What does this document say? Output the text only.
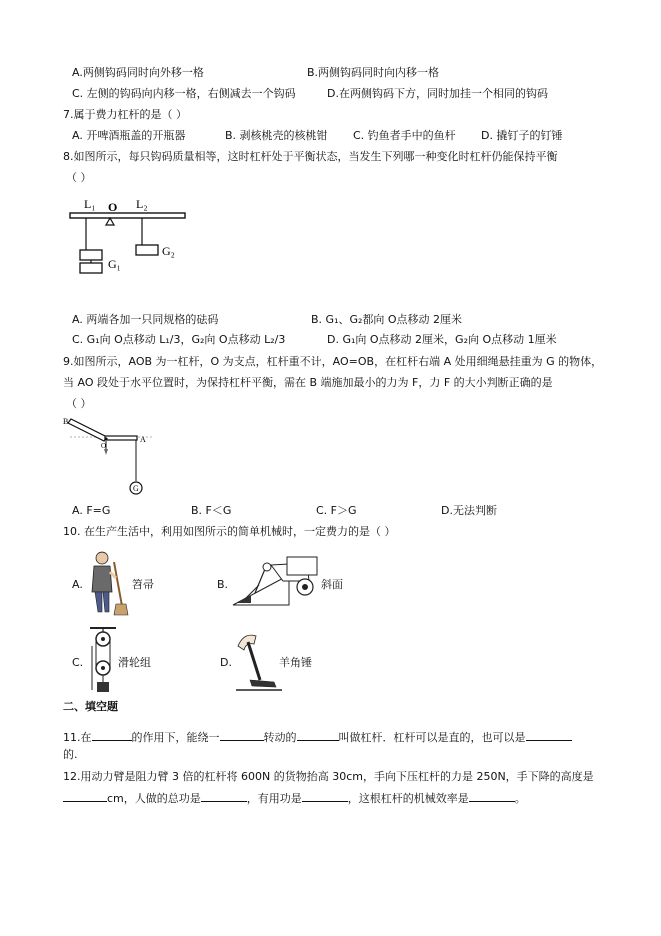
A.两侧钩码同时向外移一格	B.两侧钩码同时向内移一格
C. 左侧的钩码向内移一格，右侧减去一个钩码	D.在两侧钩码下方，同时加挂一个相同的钩码
7.属于费力杠杆的是（ ）
A. 开啤酒瓶盖的开瓶器	B. 剥核桃壳的核桃钳 C. 钓鱼者手中的鱼杆 D. 撬钉子的钉锤
8.如图所示，每只钩码质量相等，这时杠杆处于平衡状态，当发生下列哪一种变化时杠杆仍能保持平衡
（ ）
L₁ O L₂
G₁
G₂
A. 两端各加一只同规格的砝码	B. G₁、G₂都向 O点移动 2厘米
C. G₁向 O点移动 L₁/3，G₂向 O点移动 L₂/3	D. G₁向 O点移动 2厘米，G₂向 O点移动 1厘米
9.如图所示，AOB 为一杠杆，O 为支点，杠杆重不计，AO=OB，在杠杆右端 A 处用细绳悬挂重为 G 的物体，
当 AO 段处于水平位置时，为保持杠杆平衡，需在 B 端施加最小的力为 F，力 F 的大小判断正确的是
（ ）
B
O
A
G
A. F=G	B. F＜G	C. F＞G	D.无法判断
10. 在生产生活中，利用如图所示的简单机械时，一定费力的是（ ）
A.	笤帚	B.	斜面
C.	滑轮组	D.	羊角锤
二、填空题
11.在	的作用下，能绕一	转动的	叫做杠杆．杠杆可以是直的，也可以是
的.
12.用动力臂是阻力臂 3 倍的杠杆将 600N 的货物抬高 30cm，手向下压杠杆的力是 250N，手下降的高度是
cm，人做的总功是	，有用功是	，这根杠杆的机械效率是	。
